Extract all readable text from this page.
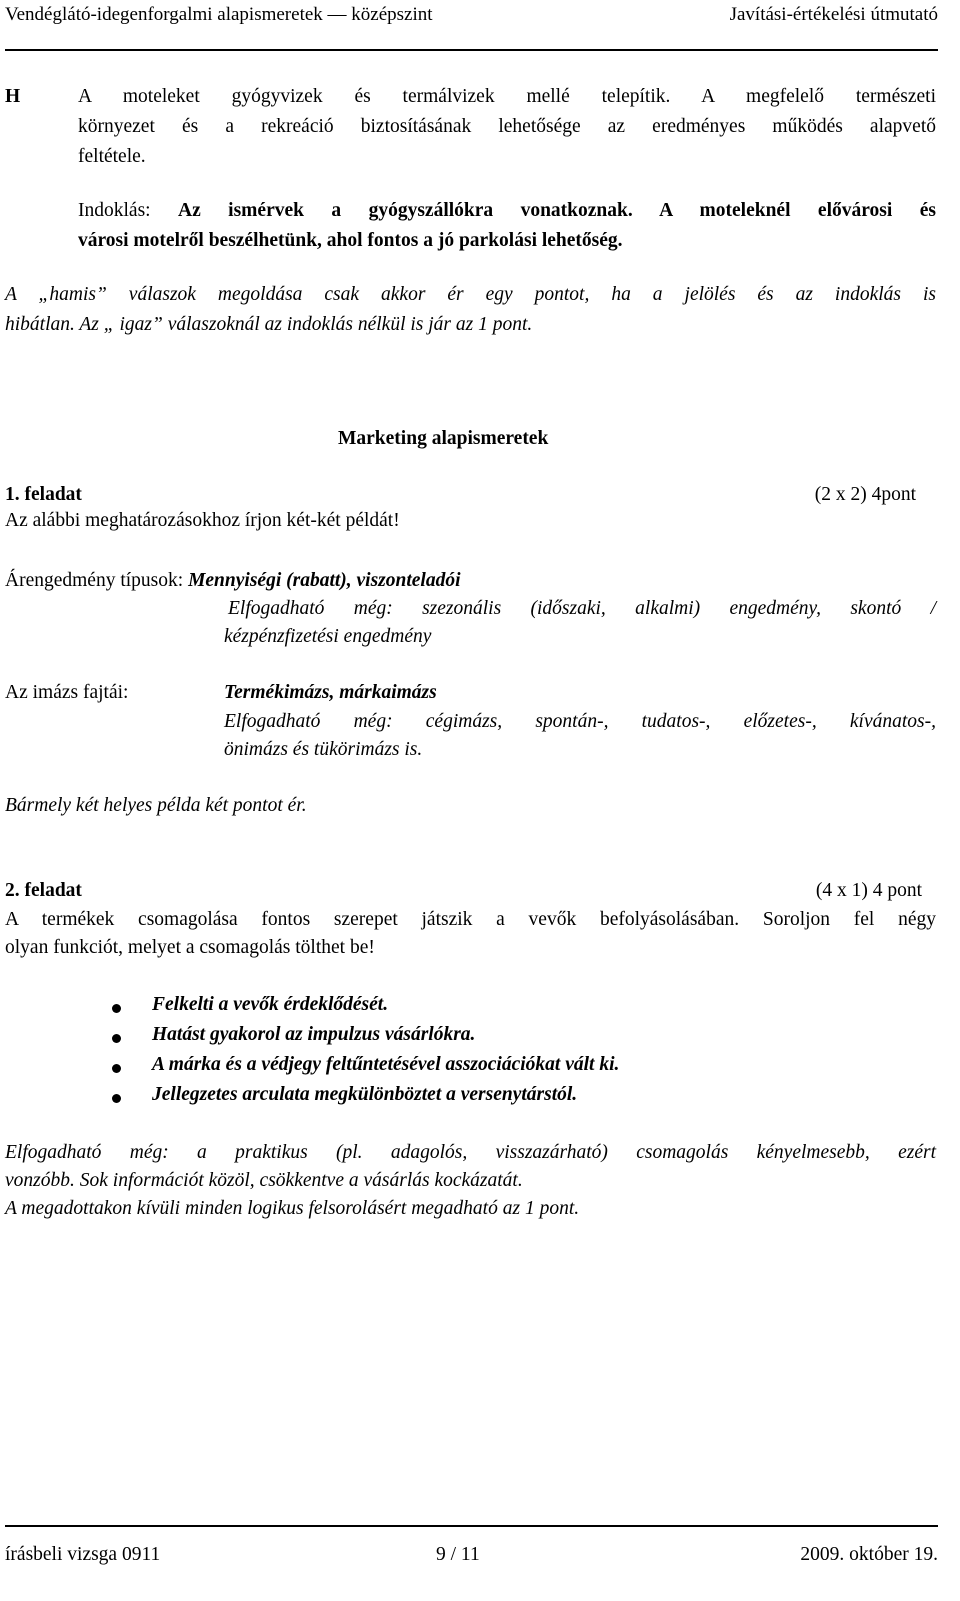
Vendéglátó-idegenforgalmi alapismeretek — középszint	Javítási-értékelési útmutató
H	A moteleket gyógyvizek és termálvizek mellé telepítik. A megfelelő természeti
környezet és a rekreáció biztosításának lehetősége az eredményes működés alapvető
feltétele.
Indoklás: Az ismérvek a gyógyszállókra vonatkoznak. A moteleknél elővárosi és
városi motelről beszélhetünk, ahol fontos a jó parkolási lehetőség.
A „hamis” válaszok megoldása csak akkor ér egy pontot, ha a jelölés és az indoklás is
hibátlan. Az „ igaz” válaszoknál az indoklás nélkül is jár az 1 pont.
Marketing alapismeretek
1. feladat	(2 x 2) 4pont
Az alábbi meghatározásokhoz írjon két-két példát!
Árengedmény típusok: Mennyiségi (rabatt), viszonteladói
Elfogadható még: szezonális (időszaki, alkalmi) engedmény, skontó /
kézpénzfizetési engedmény
Az imázs fajtái:	Termékimázs, márkaimázs
Elfogadható még: cégimázs, spontán-, tudatos-, előzetes-, kívánatos-,
önimázs és tükörimázs is.
Bármely két helyes példa két pontot ér.
2. feladat	(4 x 1) 4 pont
A termékek csomagolása fontos szerepet játszik a vevők befolyásolásában. Soroljon fel négy
olyan funkciót, melyet a csomagolás tölthet be!
Felkelti a vevők érdeklődését.
Hatást gyakorol az impulzus vásárlókra.
A márka és a védjegy feltűntetésével asszociációkat vált ki.
Jellegzetes arculata megkülönböztet a versenytárstól.
Elfogadható még: a praktikus (pl. adagolós, visszazárható) csomagolás kényelmesebb, ezért
vonzóbb. Sok információt közöl, csökkentve a vásárlás kockázatát.
A megadottakon kívüli minden logikus felsorolásért megadható az 1 pont.
írásbeli vizsga 0911	9 / 11	2009. október 19.
